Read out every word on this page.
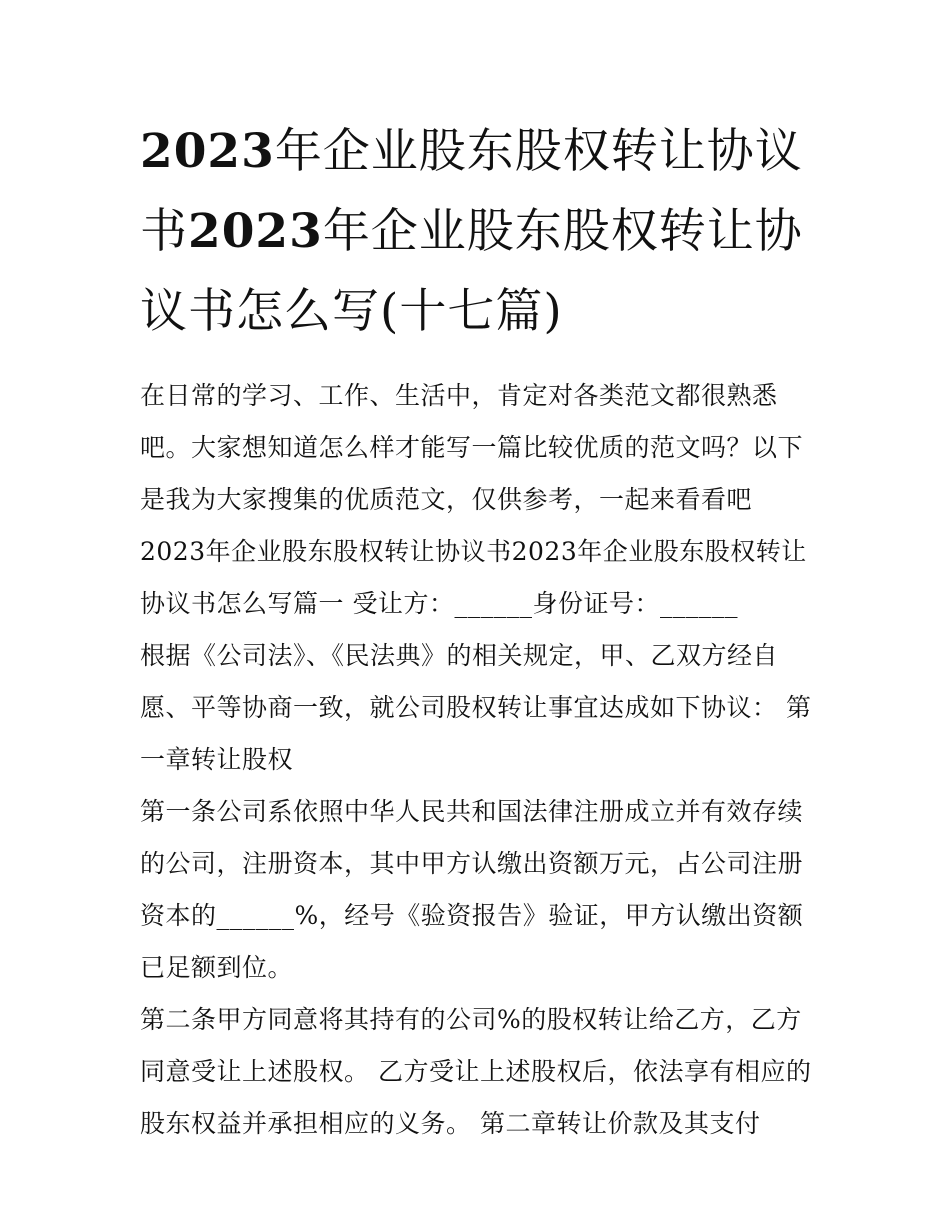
2023年企业股东股权转让协议书2023年企业股东股权转让协议书怎么写(十七篇)

在日常的学习、工作、生活中，肯定对各类范文都很熟悉吧。大家想知道怎么样才能写一篇比较优质的范文吗？以下是我为大家搜集的优质范文，仅供参考，一起来看看吧

2023年企业股东股权转让协议书2023年企业股东股权转让协议书怎么写篇一 受让方：______身份证号：______

根据《公司法》、《民法典》的相关规定，甲、乙双方经自愿、平等协商一致，就公司股权转让事宜达成如下协议： 第一章转让股权

第一条公司系依照中华人民共和国法律注册成立并有效存续的公司，注册资本，其中甲方认缴出资额万元，占公司注册资本的______%，经号《验资报告》验证，甲方认缴出资额已足额到位。

第二条甲方同意将其持有的公司%的股权转让给乙方，乙方同意受让上述股权。 乙方受让上述股权后，依法享有相应的股东权益并承担相应的义务。 第二章转让价款及其支付
